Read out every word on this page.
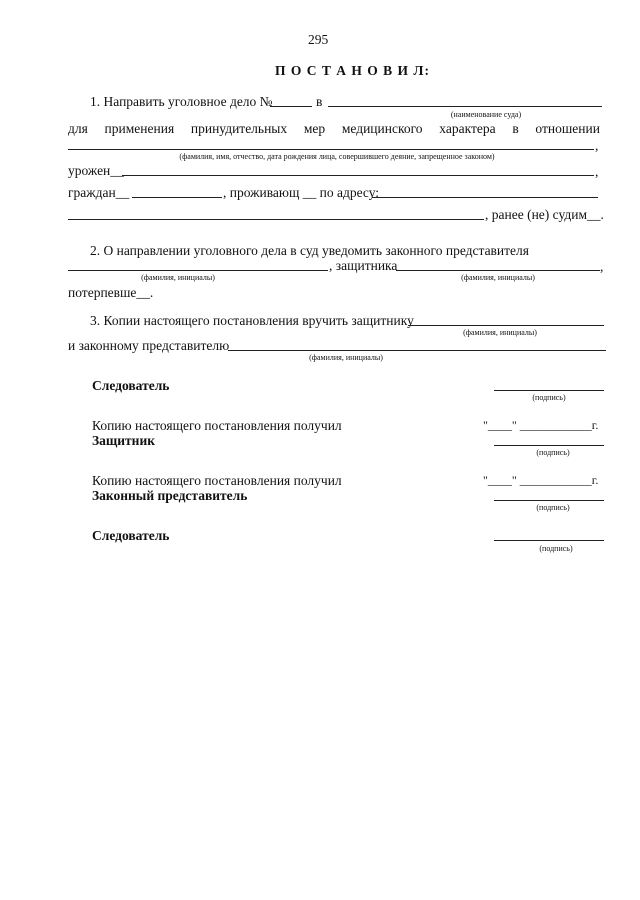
295
П О С Т А Н О В И Л:
1. Направить уголовное дело №	в
(наименование суда)
для применения принудительных мер медицинского характера в отношении
,
(фамилия, имя, отчество, дата рождения лица, совершившего деяние, запрещенное законом)
урожен__	,
граждан__	, проживающ __ по адресу:
, ранее (не) судим__.
2. О направлении уголовного дела в суд уведомить законного представителя
, защитника	,
(фамилия, инициалы)	(фамилия, инициалы)
потерпевше__.
3. Копии настоящего постановления вручить защитнику
(фамилия, инициалы)
и законному представителю
(фамилия, инициалы)
Следователь
(подпись)
Копию настоящего постановления получил	"____" ____________г.
Защитник
(подпись)
Копию настоящего постановления получил	"____" ____________г.
Законный представитель
(подпись)
Следователь
(подпись)
